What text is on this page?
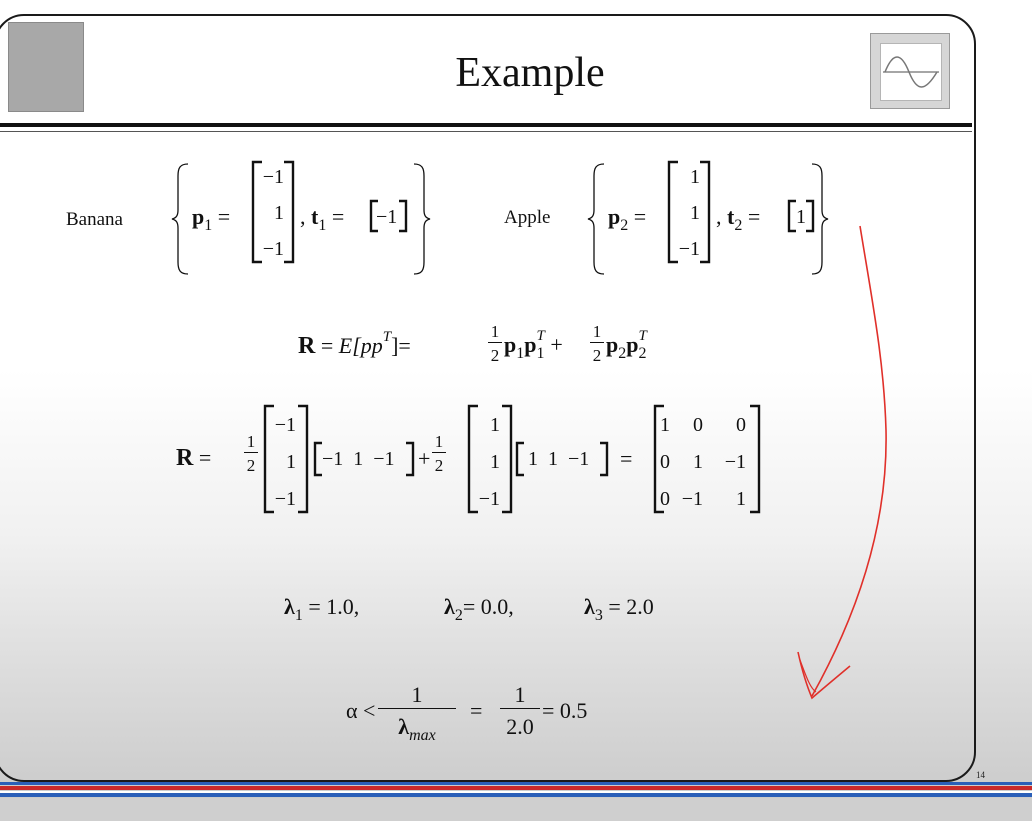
Example
Banana	$p_1$ =
−1
1
−1
, $t_1 = -1$	Apple	$p_2$ =
1
1
−1
, $t_2 = 1$
$R = E[pp^T]=$
1
2 $p_1p_1^T$ +
1
2 $p_2p_2^T$
R =
1
2
−1
1
−1
−1  1  −1 +
1
2
1
1
−1
1  1  −1 =
1	0	0
0	1	−1
0 −1	1
$\lambda_1 = 1.0$,	$\lambda_2= 0.0$,	$\lambda_3 = 2.0$
α <
1
$\lambda_{max}$
=
1
2.0
= 0.5
14
